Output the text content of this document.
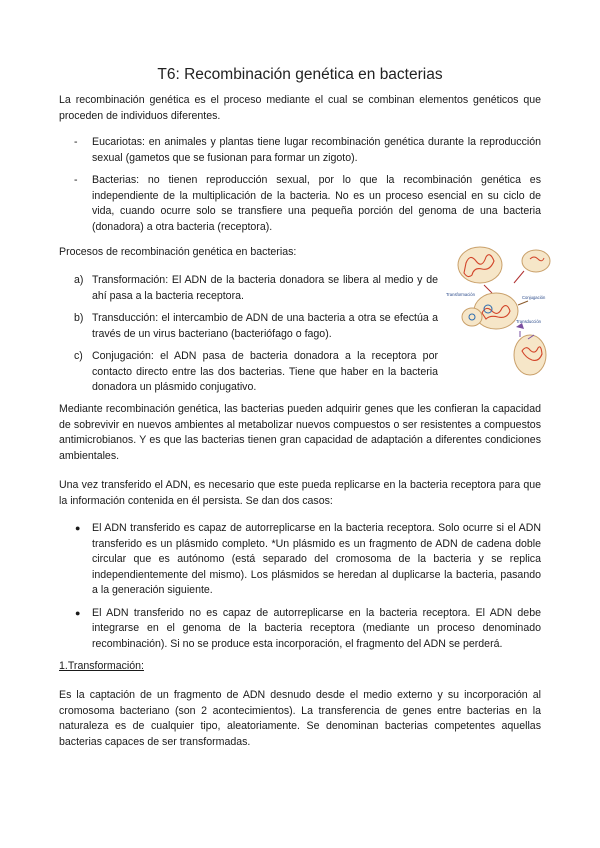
T6: Recombinación genética en bacterias

La recombinación genética es el proceso mediante el cual se combinan elementos genéticos que proceden de individuos diferentes.

- Eucariotas: en animales y plantas tiene lugar recombinación genética durante la reproducción sexual (gametos que se fusionan para formar un zigoto).
- Bacterias: no tienen reproducción sexual, por lo que la recombinación genética es independiente de la multiplicación de la bacteria. No es un proceso esencial en su ciclo de vida, cuando ocurre solo se transfiere una pequeña porción del genoma de una bacteria (donadora) a otra bacteria (receptora).

Procesos de recombinación genética en bacterias:

a) Transformación: El ADN de la bacteria donadora se libera al medio y de ahí pasa a la bacteria receptora.
b) Transducción: el intercambio de ADN de una bacteria a otra se efectúa a través de un virus bacteriano (bacteriófago o fago).
c) Conjugación: el ADN pasa de bacteria donadora a la receptora por contacto directo entre las dos bacterias. Tiene que haber en la bacteria donadora un plásmido conjugativo.
Transformación
Conjugación
Transducción

Mediante recombinación genética, las bacterias pueden adquirir genes que les confieran la capacidad de sobrevivir en nuevos ambientes al metabolizar nuevos compuestos o ser resistentes a compuestos antimicrobianos. Y es que las bacterias tienen gran capacidad de adaptación a diferentes condiciones ambientales.

Una vez transferido el ADN, es necesario que este pueda replicarse en la bacteria receptora para que la información contenida en él persista. Se dan dos casos:

● El ADN transferido es capaz de autorreplicarse en la bacteria receptora. Solo ocurre si el ADN transferido es un plásmido completo. *Un plásmido es un fragmento de ADN de cadena doble circular que es autónomo (está separado del cromosoma de la bacteria y se replica independientemente del mismo). Los plásmidos se heredan al duplicarse la bacteria, pasando a la generación siguiente.
● El ADN transferido no es capaz de autorreplicarse en la bacteria receptora. El ADN debe integrarse en el genoma de la bacteria receptora (mediante un proceso denominado recombinación). Si no se produce esta incorporación, el fragmento del ADN se perderá.
1.Transformación:

Es la captación de un fragmento de ADN desnudo desde el medio externo y su incorporación al cromosoma bacteriano (son 2 acontecimientos). La transferencia de genes entre bacterias en la naturaleza es de cualquier tipo, aleatoriamente. Se denominan bacterias competentes aquellas bacterias capaces de ser transformadas.
